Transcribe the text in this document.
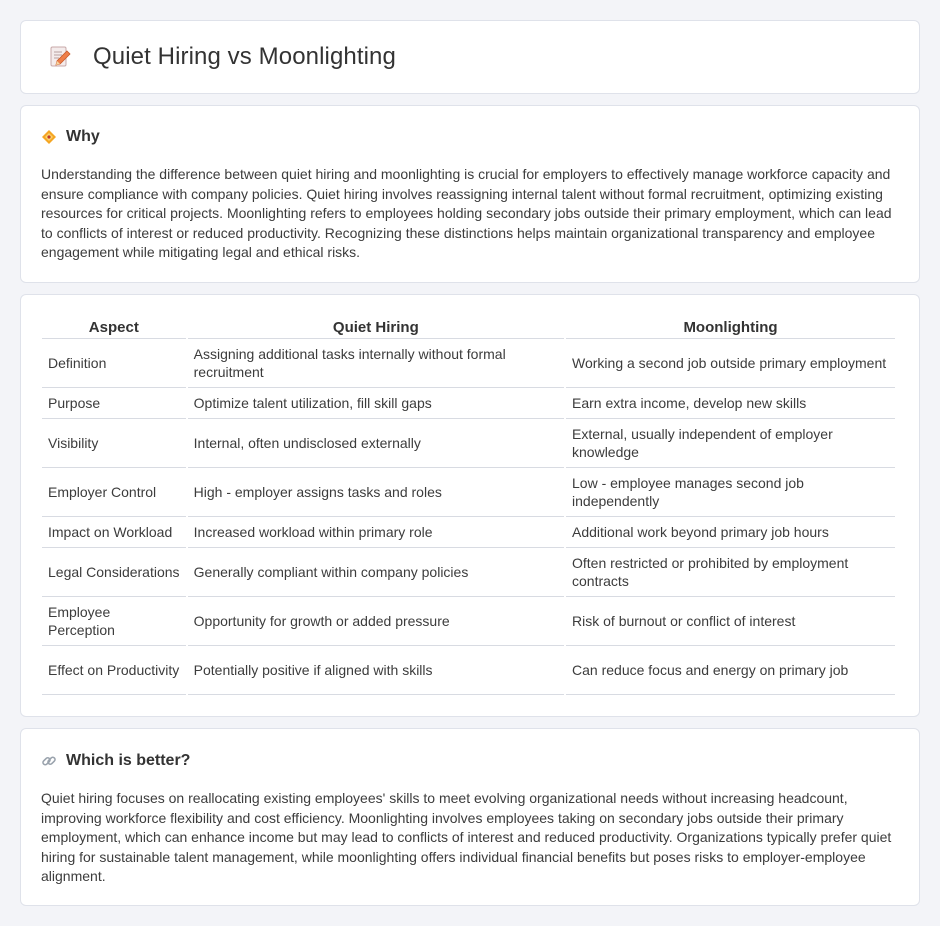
Quiet Hiring vs Moonlighting
Why

Understanding the difference between quiet hiring and moonlighting is crucial for employers to effectively manage workforce capacity and ensure compliance with company policies. Quiet hiring involves reassigning internal talent without formal recruitment, optimizing existing resources for critical projects. Moonlighting refers to employees holding secondary jobs outside their primary employment, which can lead to conflicts of interest or reduced productivity. Recognizing these distinctions helps maintain organizational transparency and employee engagement while mitigating legal and ethical risks.

Aspect	Quiet Hiring	Moonlighting
Definition	Assigning additional tasks internally without formal recruitment	Working a second job outside primary employment
Purpose	Optimize talent utilization, fill skill gaps	Earn extra income, develop new skills
Visibility	Internal, often undisclosed externally	External, usually independent of employer knowledge
Employer Control	High - employer assigns tasks and roles	Low - employee manages second job independently
Impact on Workload	Increased workload within primary role	Additional work beyond primary job hours
Legal Considerations	Generally compliant within company policies	Often restricted or prohibited by employment contracts
Employee Perception	Opportunity for growth or added pressure	Risk of burnout or conflict of interest
Effect on Productivity	Potentially positive if aligned with skills	Can reduce focus and energy on primary job
Which is better?

Quiet hiring focuses on reallocating existing employees' skills to meet evolving organizational needs without increasing headcount, improving workforce flexibility and cost efficiency. Moonlighting involves employees taking on secondary jobs outside their primary employment, which can enhance income but may lead to conflicts of interest and reduced productivity. Organizations typically prefer quiet hiring for sustainable talent management, while moonlighting offers individual financial benefits but poses risks to employer-employee alignment.
